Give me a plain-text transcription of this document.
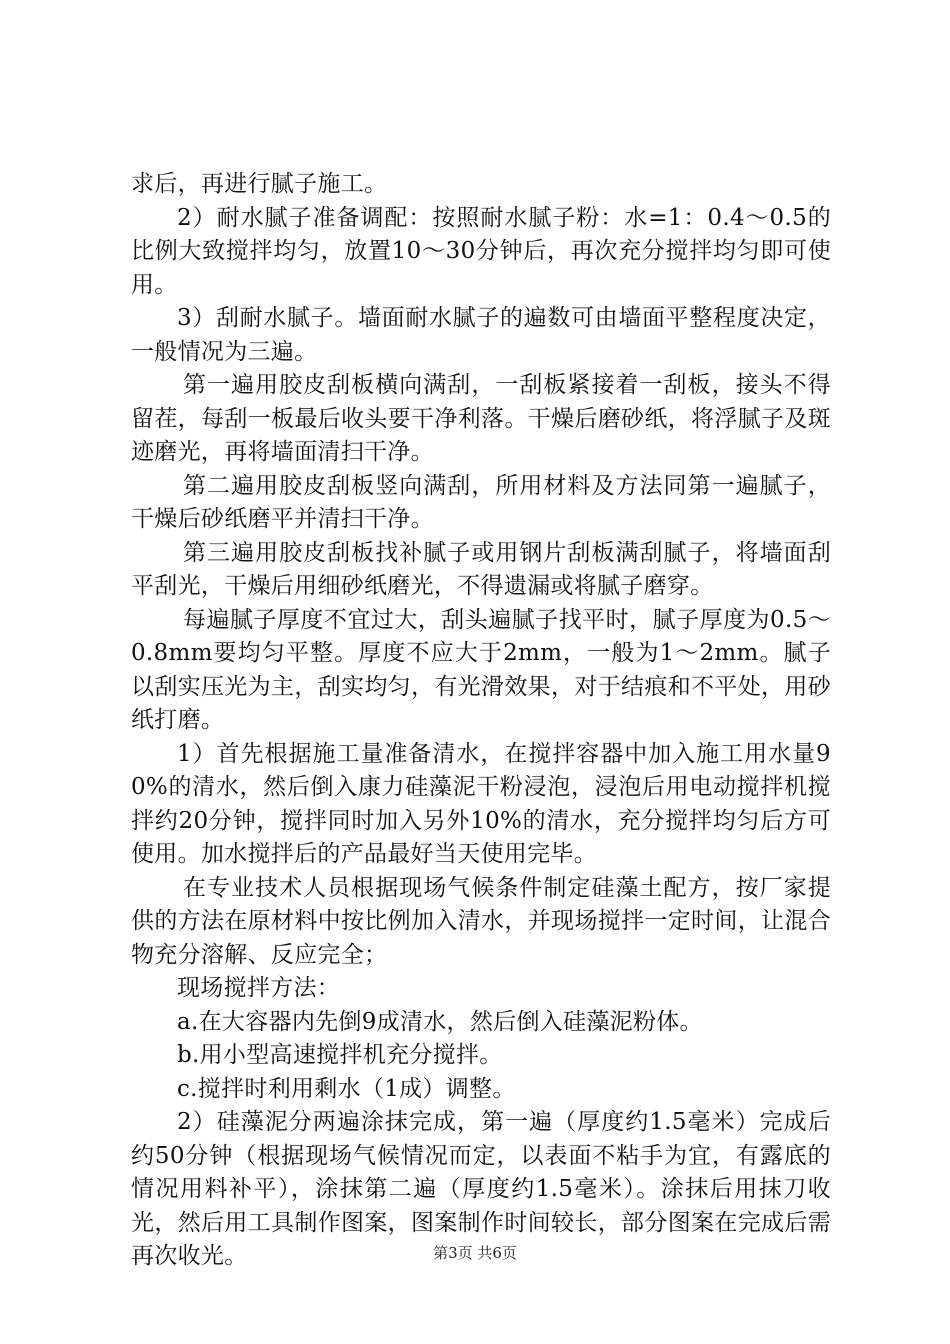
求后，再进行腻子施工。

2）耐水腻子准备调配：按照耐水腻子粉：水=1：0.4～0.5的比例大致搅拌均匀，放置10～30分钟后，再次充分搅拌均匀即可使用。

3）刮耐水腻子。墙面耐水腻子的遍数可由墙面平整程度决定，一般情况为三遍。

第一遍用胶皮刮板横向满刮，一刮板紧接着一刮板，接头不得留茬，每刮一板最后收头要干净利落。干燥后磨砂纸，将浮腻子及斑迹磨光，再将墙面清扫干净。

第二遍用胶皮刮板竖向满刮，所用材料及方法同第一遍腻子，干燥后砂纸磨平并清扫干净。

第三遍用胶皮刮板找补腻子或用钢片刮板满刮腻子，将墙面刮平刮光，干燥后用细砂纸磨光，不得遗漏或将腻子磨穿。

每遍腻子厚度不宜过大，刮头遍腻子找平时，腻子厚度为0.5～0.8mm要均匀平整。厚度不应大于2mm，一般为1～2mm。腻子以刮实压光为主，刮实均匀，有光滑效果，对于结痕和不平处，用砂纸打磨。

1）首先根据施工量准备清水，在搅拌容器中加入施工用水量90%的清水，然后倒入康力硅藻泥干粉浸泡，浸泡后用电动搅拌机搅拌约20分钟，搅拌同时加入另外10%的清水，充分搅拌均匀后方可使用。加水搅拌后的产品最好当天使用完毕。

在专业技术人员根据现场气候条件制定硅藻土配方，按厂家提供的方法在原材料中按比例加入清水，并现场搅拌一定时间，让混合物充分溶解、反应完全；

现场搅拌方法：

a.在大容器内先倒9成清水，然后倒入硅藻泥粉体。

b.用小型高速搅拌机充分搅拌。

c.搅拌时利用剩水（1成）调整。

2）硅藻泥分两遍涂抹完成，第一遍（厚度约1.5毫米）完成后约50分钟（根据现场气候情况而定，以表面不粘手为宜，有露底的情况用料补平），涂抹第二遍（厚度约1.5毫米）。涂抹后用抹刀收光，然后用工具制作图案，图案制作时间较长，部分图案在完成后需再次收光。	第3页 共6页
